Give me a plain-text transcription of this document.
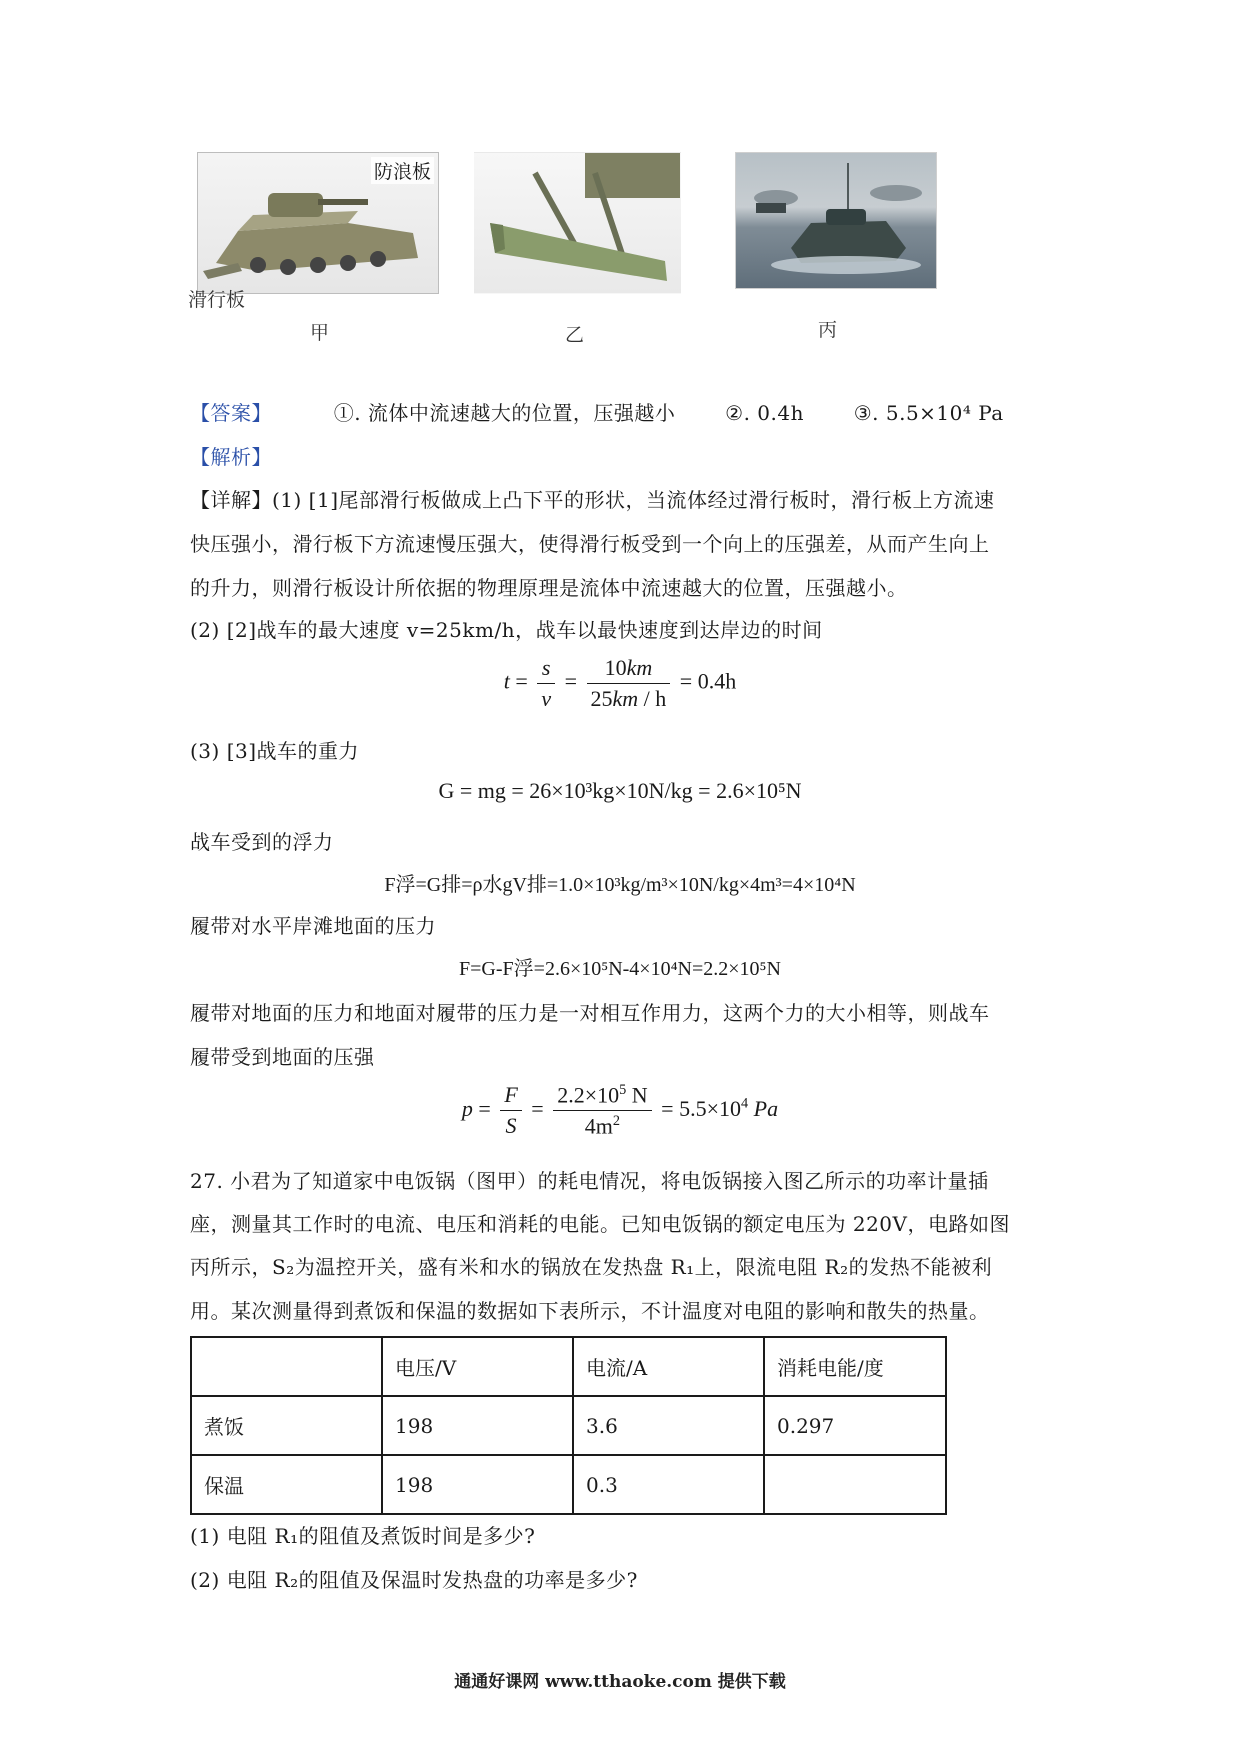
防浪板
滑行板
甲	乙	丙
【答案】	①. 流体中流速越大的位置，压强越小 ②. 0.4h ③. 5.5×10⁴ Pa
【解析】
【详解】(1) [1]尾部滑行板做成上凸下平的形状，当流体经过滑行板时，滑行板上方流速
快压强小，滑行板下方流速慢压强大，使得滑行板受到一个向上的压强差，从而产生向上
的升力，则滑行板设计所依据的物理原理是流体中流速越大的位置，压强越小。
(2) [2]战车的最大速度 v=25km/h，战车以最快速度到达岸边的时间
$t = \frac{s}{v} = \frac{10km}{25km / h} = 0.4h$
(3) [3]战车的重力
G = mg = 26×10³kg×10N/kg = 2.6×10⁵N
战车受到的浮力
F浮=G排=ρ水gV排=1.0×10³kg/m³×10N/kg×4m³=4×10⁴N
履带对水平岸滩地面的压力
F=G-F浮=2.6×10⁵N-4×10⁴N=2.2×10⁵N
履带对地面的压力和地面对履带的压力是一对相互作用力，这两个力的大小相等，则战车
履带受到地面的压强
$p = \frac{F}{S} = \frac{2.2\times 10^5 N}{4m^2} = 5.5\times 10^4$ Pa
27. 小君为了知道家中电饭锅（图甲）的耗电情况，将电饭锅接入图乙所示的功率计量插
座，测量其工作时的电流、电压和消耗的电能。已知电饭锅的额定电压为 220V，电路如图
丙所示，S₂为温控开关，盛有米和水的锅放在发热盘 R₁上，限流电阻 R₂的发热不能被利
用。某次测量得到煮饭和保温的数据如下表所示，不计温度对电阻的影响和散失的热量。
	电压/V	电流/A	消耗电能/度
煮饭	198	3.6	0.297
保温	198	0.3	
(1) 电阻 R₁的阻值及煮饭时间是多少?
(2) 电阻 R₂的阻值及保温时发热盘的功率是多少?
通通好课网 www.tthaoke.com 提供下载
